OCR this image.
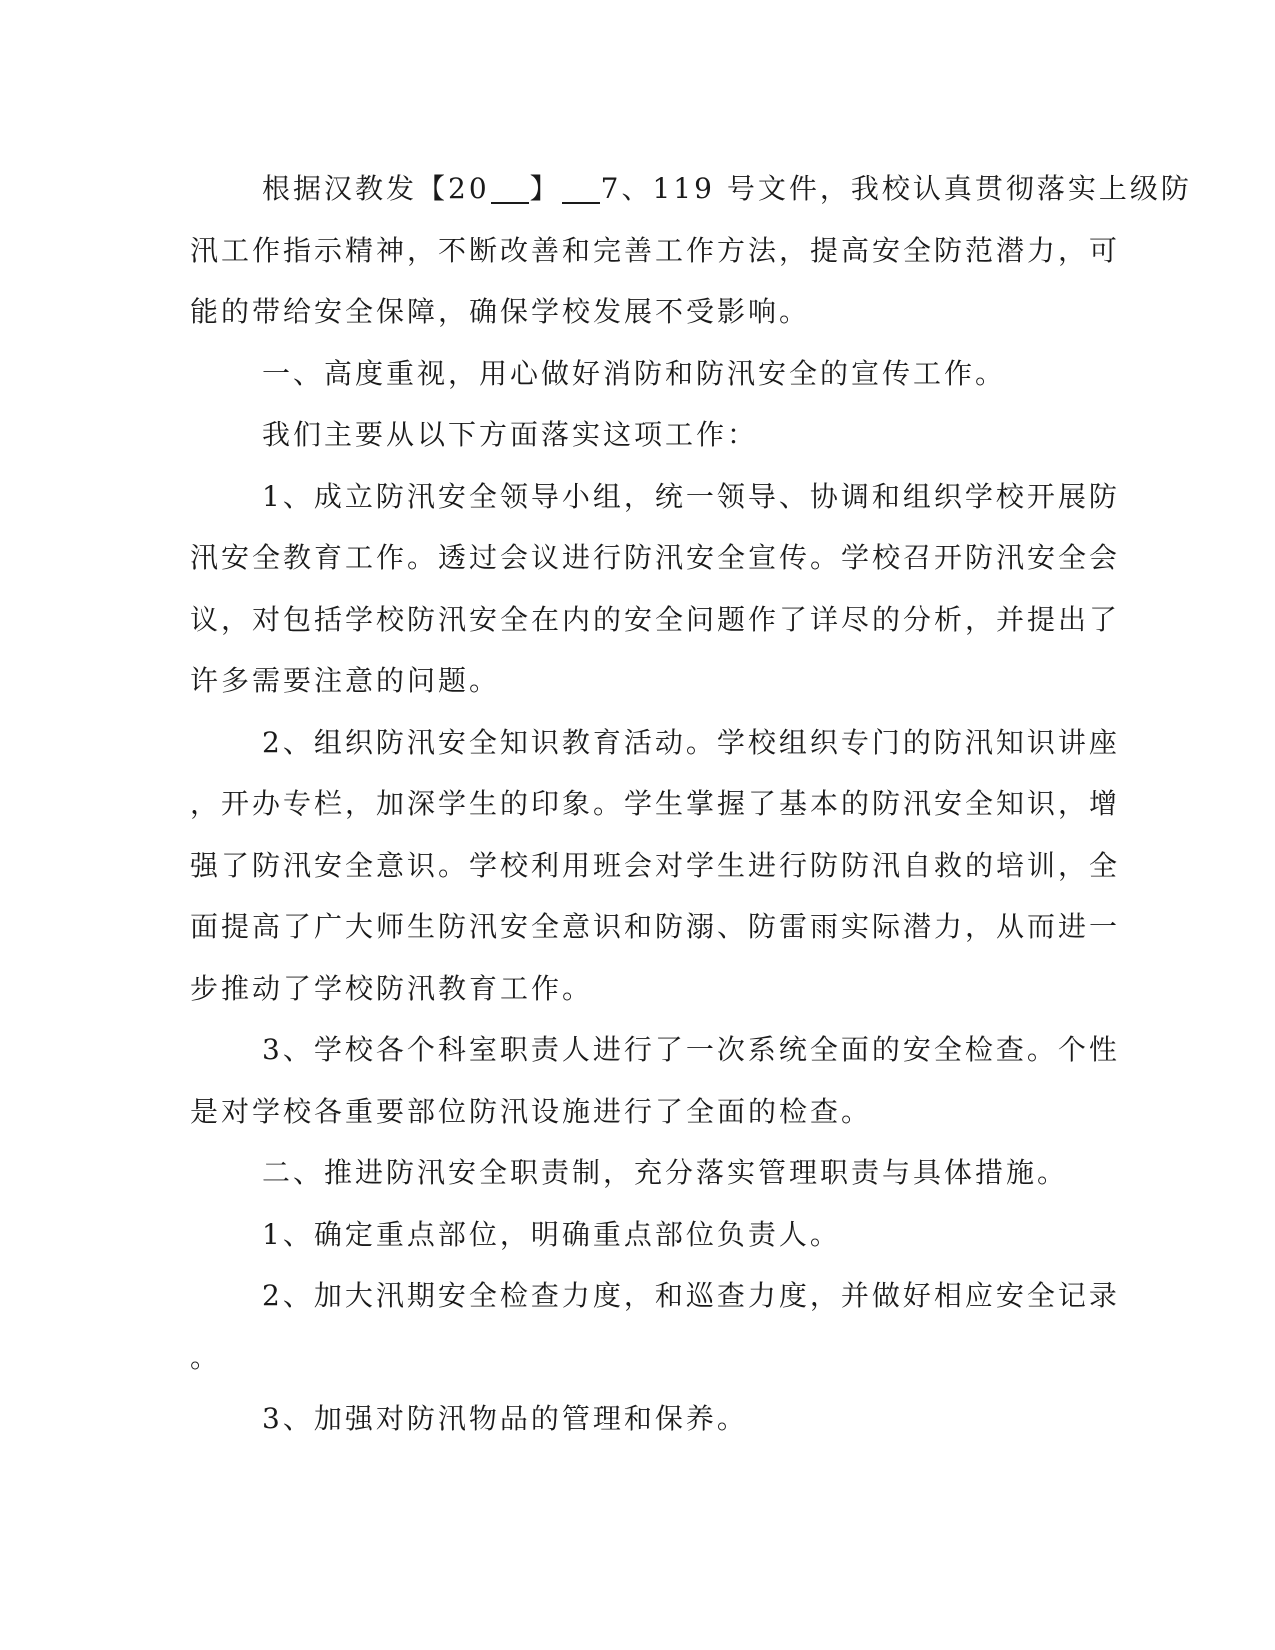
根据汉教发【20 】 7、119 号文件，我校认真贯彻落实上级防
汛工作指示精神，不断改善和完善工作方法，提高安全防范潜力，可
能的带给安全保障，确保学校发展不受影响。
一、高度重视，用心做好消防和防汛安全的宣传工作。
我们主要从以下方面落实这项工作：
1、成立防汛安全领导小组，统一领导、协调和组织学校开展防
汛安全教育工作。透过会议进行防汛安全宣传。学校召开防汛安全会
议，对包括学校防汛安全在内的安全问题作了详尽的分析，并提出了
许多需要注意的问题。
2、组织防汛安全知识教育活动。学校组织专门的防汛知识讲座
，开办专栏，加深学生的印象。学生掌握了基本的防汛安全知识，增
强了防汛安全意识。学校利用班会对学生进行防防汛自救的培训，全
面提高了广大师生防汛安全意识和防溺、防雷雨实际潜力，从而进一
步推动了学校防汛教育工作。
3、学校各个科室职责人进行了一次系统全面的安全检查。个性
是对学校各重要部位防汛设施进行了全面的检查。
二、推进防汛安全职责制，充分落实管理职责与具体措施。
1、确定重点部位，明确重点部位负责人。
2、加大汛期安全检查力度，和巡查力度，并做好相应安全记录
。
3、加强对防汛物品的管理和保养。
